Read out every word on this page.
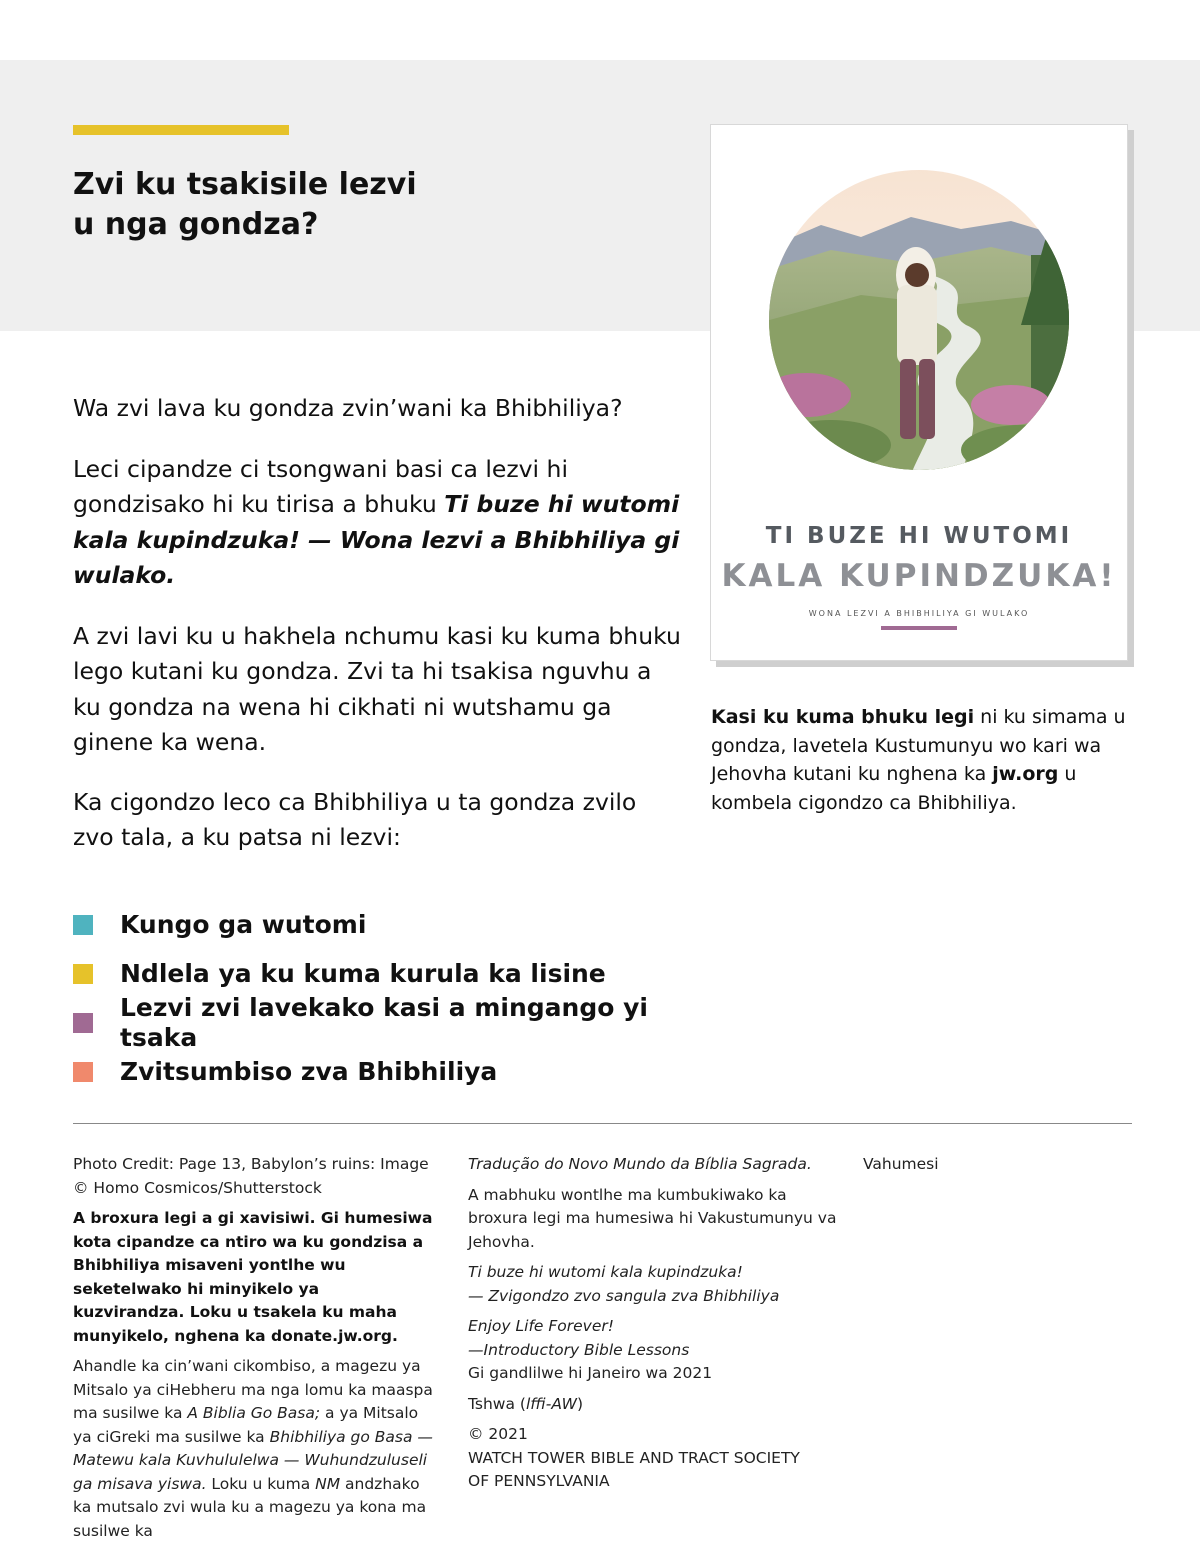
Zvi ku tsakisile lezvi
u nga gondza?

Wa zvi lava ku gondza zvin’wani ka Bhibhiliya?

Leci cipandze ci tsongwani basi ca lezvi hi gondzisako hi ku tirisa a bhuku Ti buze hi wutomi kala kupindzuka! — Wona lezvi a Bhibhiliya gi wulako.

A zvi lavi ku u hakhela nchumu kasi ku kuma bhuku lego kutani ku gondza. Zvi ta hi tsakisa nguvhu a ku gondza na wena hi cikhati ni wutshamu ga ginene ka wena.

Ka cigondzo leco ca Bhibhiliya u ta gondza zvilo zvo tala, a ku patsa ni lezvi:

Kungo ga wutomi
Ndlela ya ku kuma kurula ka lisine
Lezvi zvi lavekako kasi a mingango yi tsaka
Zvitsumbiso zva Bhibhiliya
TI BUZE HI WUTOMI
KALA KUPINDZUKA!
WONA LEZVI A BHIBHILIYA GI WULAKO
Kasi ku kuma bhuku legi ni ku simama u gondza, lavetela Kustumunyu wo kari wa Jehovha kutani ku nghena ka jw.org u kombela cigondzo ca Bhibhiliya.

Photo Credit: Page 13, Babylon’s ruins: Image © Homo Cosmicos/Shutterstock

A broxura legi a gi xavisiwi. Gi humesiwa kota cipandze ca ntiro wa ku gondzisa a Bhibhiliya misaveni yontlhe wu seketelwako hi minyikelo ya kuzvirandza. Loku u tsakela ku maha munyikelo, nghena ka donate.jw.org.

Ahandle ka cin’wani cikombiso, a magezu ya Mitsalo ya ciHebheru ma nga lomu ka maaspa ma susilwe ka A Biblia Go Basa; a ya Mitsalo ya ciGreki ma susilwe ka Bhibhiliya go Basa — Matewu kala Kuvhululelwa — Wuhundzuluseli ga misava yiswa. Loku u kuma NM andzhako ka mutsalo zvi wula ku a magezu ya kona ma susilwe ka

Tradução do Novo Mundo da Bíblia Sagrada.

A mabhuku wontlhe ma kumbukiwako ka broxura legi ma humesiwa hi Vakustumunyu va Jehovha.

Ti buze hi wutomi kala kupindzuka!
— Zvigondzo zvo sangula zva Bhibhiliya

Enjoy Life Forever!
—Introductory Bible Lessons
Gi gandlilwe hi Janeiro wa 2021

Tshwa (lffi-AW)

© 2021
WATCH TOWER BIBLE AND TRACT SOCIETY
OF PENNSYLVANIA

Vahumesi
